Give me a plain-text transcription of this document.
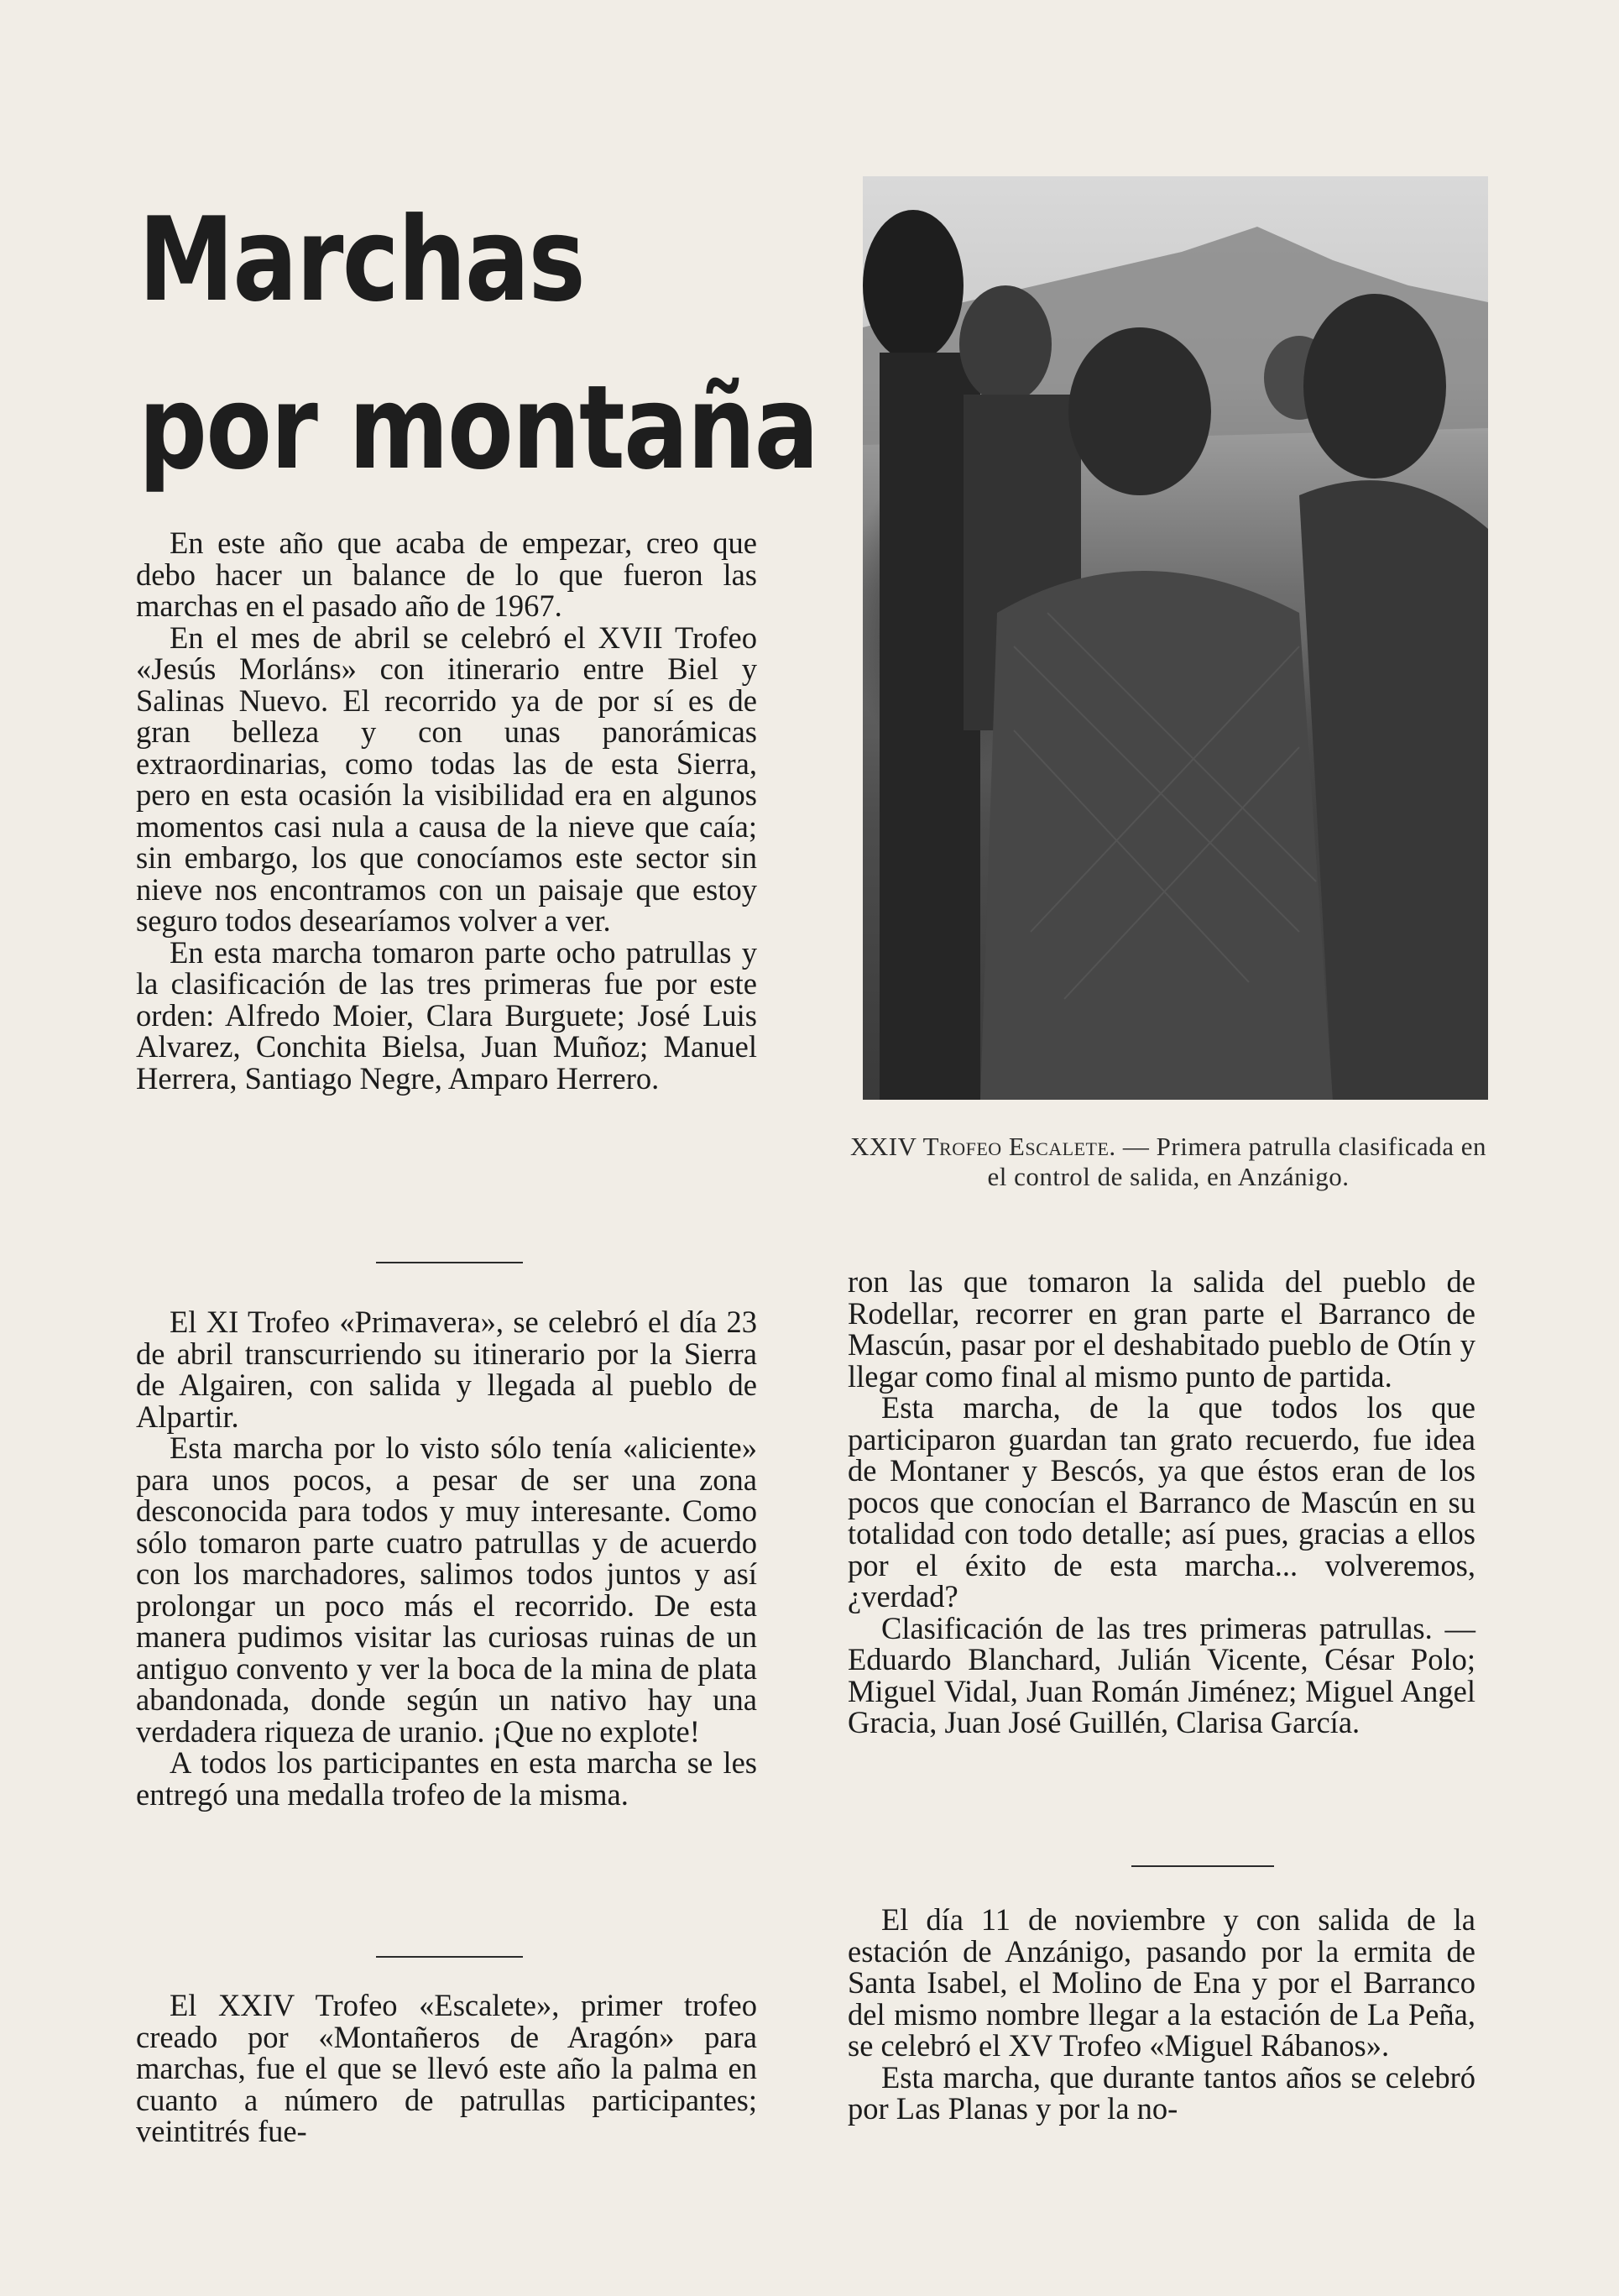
Marchas
por montaña

En este año que acaba de empezar, creo que debo hacer un balance de lo que fueron las marchas en el pasado año de 1967.

En el mes de abril se celebró el XVII Trofeo «Jesús Morláns» con itinerario entre Biel y Salinas Nuevo. El recorrido ya de por sí es de gran belleza y con unas panorámicas extraordinarias, como todas las de esta Sierra, pero en esta ocasión la visibilidad era en algunos momentos casi nula a causa de la nieve que caía; sin embargo, los que conocíamos este sector sin nieve nos encontramos con un paisaje que estoy seguro todos desearíamos volver a ver.

En esta marcha tomaron parte ocho patrullas y la clasificación de las tres primeras fue por este orden: Alfredo Moier, Clara Burguete; José Luis Alvarez, Conchita Bielsa, Juan Muñoz; Manuel Herrera, Santiago Negre, Amparo Herrero.

El XI Trofeo «Primavera», se celebró el día 23 de abril transcurriendo su itinerario por la Sierra de Algairen, con salida y llegada al pueblo de Alpartir.

Esta marcha por lo visto sólo tenía «aliciente» para unos pocos, a pesar de ser una zona desconocida para todos y muy interesante. Como sólo tomaron parte cuatro patrullas y de acuerdo con los marchadores, salimos todos juntos y así prolongar un poco más el recorrido. De esta manera pudimos visitar las curiosas ruinas de un antiguo convento y ver la boca de la mina de plata abandonada, donde según un nativo hay una verdadera riqueza de uranio. ¡Que no explote!

A todos los participantes en esta marcha se les entregó una medalla trofeo de la misma.

El XXIV Trofeo «Escalete», primer trofeo creado por «Montañeros de Aragón» para marchas, fue el que se llevó este año la palma en cuanto a número de patrullas participantes; veintitrés fue-

XXIV Trofeo Escalete. — Primera patrulla clasificada en el control de salida, en Anzánigo.

ron las que tomaron la salida del pueblo de Rodellar, recorrer en gran parte el Barranco de Mascún, pasar por el deshabitado pueblo de Otín y llegar como final al mismo punto de partida.

Esta marcha, de la que todos los que participaron guardan tan grato recuerdo, fue idea de Montaner y Bescós, ya que éstos eran de los pocos que conocían el Barranco de Mascún en su totalidad con todo detalle; así pues, gracias a ellos por el éxito de esta marcha... volveremos, ¿verdad?

Clasificación de las tres primeras patrullas. — Eduardo Blanchard, Julián Vicente, César Polo; Miguel Vidal, Juan Román Jiménez; Miguel Angel Gracia, Juan José Guillén, Clarisa García.

El día 11 de noviembre y con salida de la estación de Anzánigo, pasando por la ermita de Santa Isabel, el Molino de Ena y por el Barranco del mismo nombre llegar a la estación de La Peña, se celebró el XV Trofeo «Miguel Rábanos».

Esta marcha, que durante tantos años se celebró por Las Planas y por la no-
